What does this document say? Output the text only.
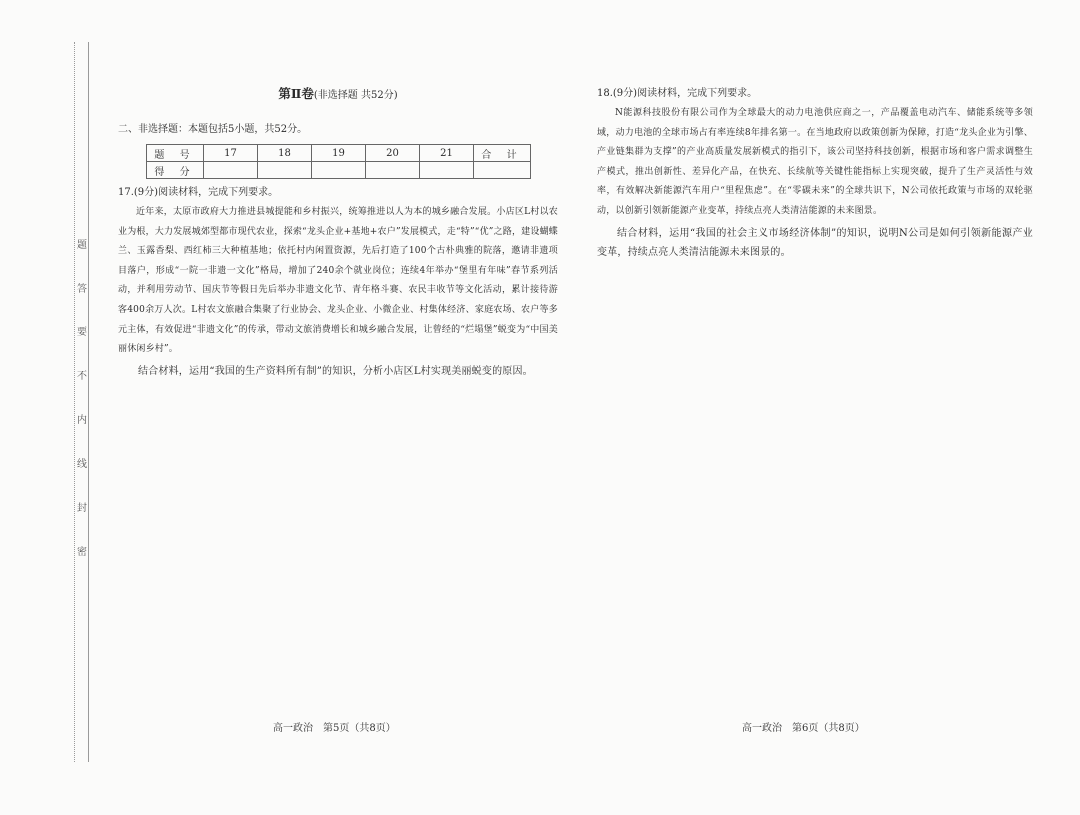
题
答
要
不
内
线
封
密
第Ⅱ卷(非选择题 共52分)
二、非选择题：本题包括5小题，共52分。
题 号	17	18	19	20	21	合 计
得 分						
17.(9分)阅读材料，完成下列要求。

近年来，太原市政府大力推进县城提能和乡村振兴，统筹推进以人为本的城乡融合发展。小店区L村以农业为根，大力发展城郊型都市现代农业，探索“龙头企业+基地+农户”发展模式，走“特”“优”之路，建设蝴蝶兰、玉露香梨、西红柿三大种植基地；依托村内闲置资源，先后打造了100个古朴典雅的院落，邀请非遗项目落户，形成“一院一非遗一文化”格局，增加了240余个就业岗位；连续4年举办“堡里有年味”春节系列活动，并利用劳动节、国庆节等假日先后举办非遗文化节、青年格斗赛、农民丰收节等文化活动，累计接待游客400余万人次。L村农文旅融合集聚了行业协会、龙头企业、小微企业、村集体经济、家庭农场、农户等多元主体，有效促进“非遗文化”的传承，带动文旅消费增长和城乡融合发展，让曾经的“烂塌堡”蜕变为“中国美丽休闲乡村”。

结合材料，运用“我国的生产资料所有制”的知识，分析小店区L村实现美丽蜕变的原因。

高一政治　第5页（共8页）
18.(9分)阅读材料，完成下列要求。

N能源科技股份有限公司作为全球最大的动力电池供应商之一，产品覆盖电动汽车、储能系统等多领域，动力电池的全球市场占有率连续8年排名第一。在当地政府以政策创新为保障，打造“龙头企业为引擎、产业链集群为支撑”的产业高质量发展新模式的指引下，该公司坚持科技创新，根据市场和客户需求调整生产模式，推出创新性、差异化产品，在快充、长续航等关键性能指标上实现突破，提升了生产灵活性与效率，有效解决新能源汽车用户“里程焦虑”。在“零碳未来”的全球共识下，N公司依托政策与市场的双轮驱动，以创新引领新能源产业变革，持续点亮人类清洁能源的未来图景。

结合材料，运用“我国的社会主义市场经济体制”的知识，说明N公司是如何引领新能源产业变革，持续点亮人类清洁能源未来图景的。

高一政治　第6页（共8页）
